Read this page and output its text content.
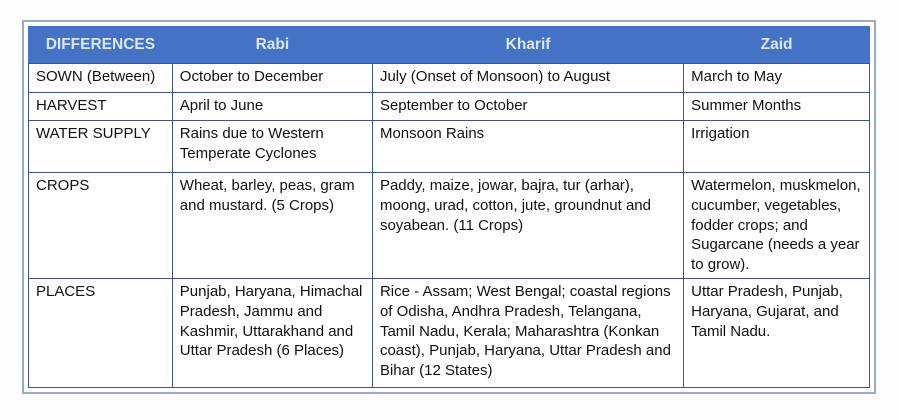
DIFFERENCES	Rabi	Kharif	Zaid
SOWN (Between)	October to December	July (Onset of Monsoon) to August	March to May
HARVEST	April to June	September to October	Summer Months
WATER SUPPLY	Rains due to Western Temperate Cyclones	Monsoon Rains	Irrigation
CROPS	Wheat, barley, peas, gram and mustard. (5 Crops)	Paddy, maize, jowar, bajra, tur (arhar), moong, urad, cotton, jute, groundnut and soyabean. (11 Crops)	Watermelon, muskmelon, cucumber, vegetables, fodder crops; and Sugarcane (needs a year to grow).
PLACES	Punjab, Haryana, Himachal Pradesh, Jammu and Kashmir, Uttarakhand and Uttar Pradesh (6 Places)	Rice - Assam; West Bengal; coastal regions of Odisha, Andhra Pradesh, Telangana, Tamil Nadu, Kerala; Maharashtra (Konkan coast), Punjab, Haryana, Uttar Pradesh and Bihar (12 States)	Uttar Pradesh, Punjab, Haryana, Gujarat, and Tamil Nadu.
